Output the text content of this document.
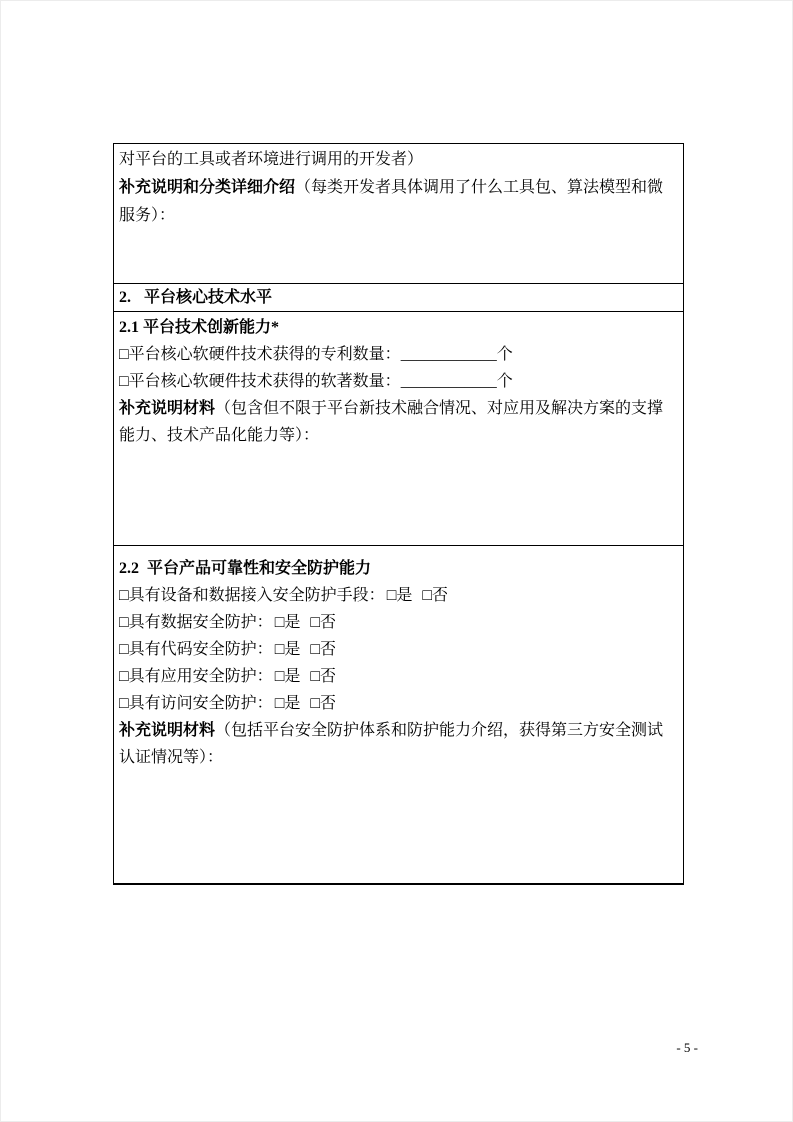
对平台的工具或者环境进行调用的开发者）
补充说明和分类详细介绍（每类开发者具体调用了什么工具包、算法模型和微服务）：
2. 平台核心技术水平
2.1 平台技术创新能力*
□平台核心软硬件技术获得的专利数量：____________个
□平台核心软硬件技术获得的软著数量：____________个
补充说明材料（包含但不限于平台新技术融合情况、对应用及解决方案的支撑能力、技术产品化能力等）：
2.2 平台产品可靠性和安全防护能力
□具有设备和数据接入安全防护手段： □是 □否
□具有数据安全防护： □是 □否
□具有代码安全防护： □是 □否
□具有应用安全防护： □是 □否
□具有访问安全防护： □是 □否
补充说明材料（包括平台安全防护体系和防护能力介绍，获得第三方安全测试认证情况等）：
- 5 -
